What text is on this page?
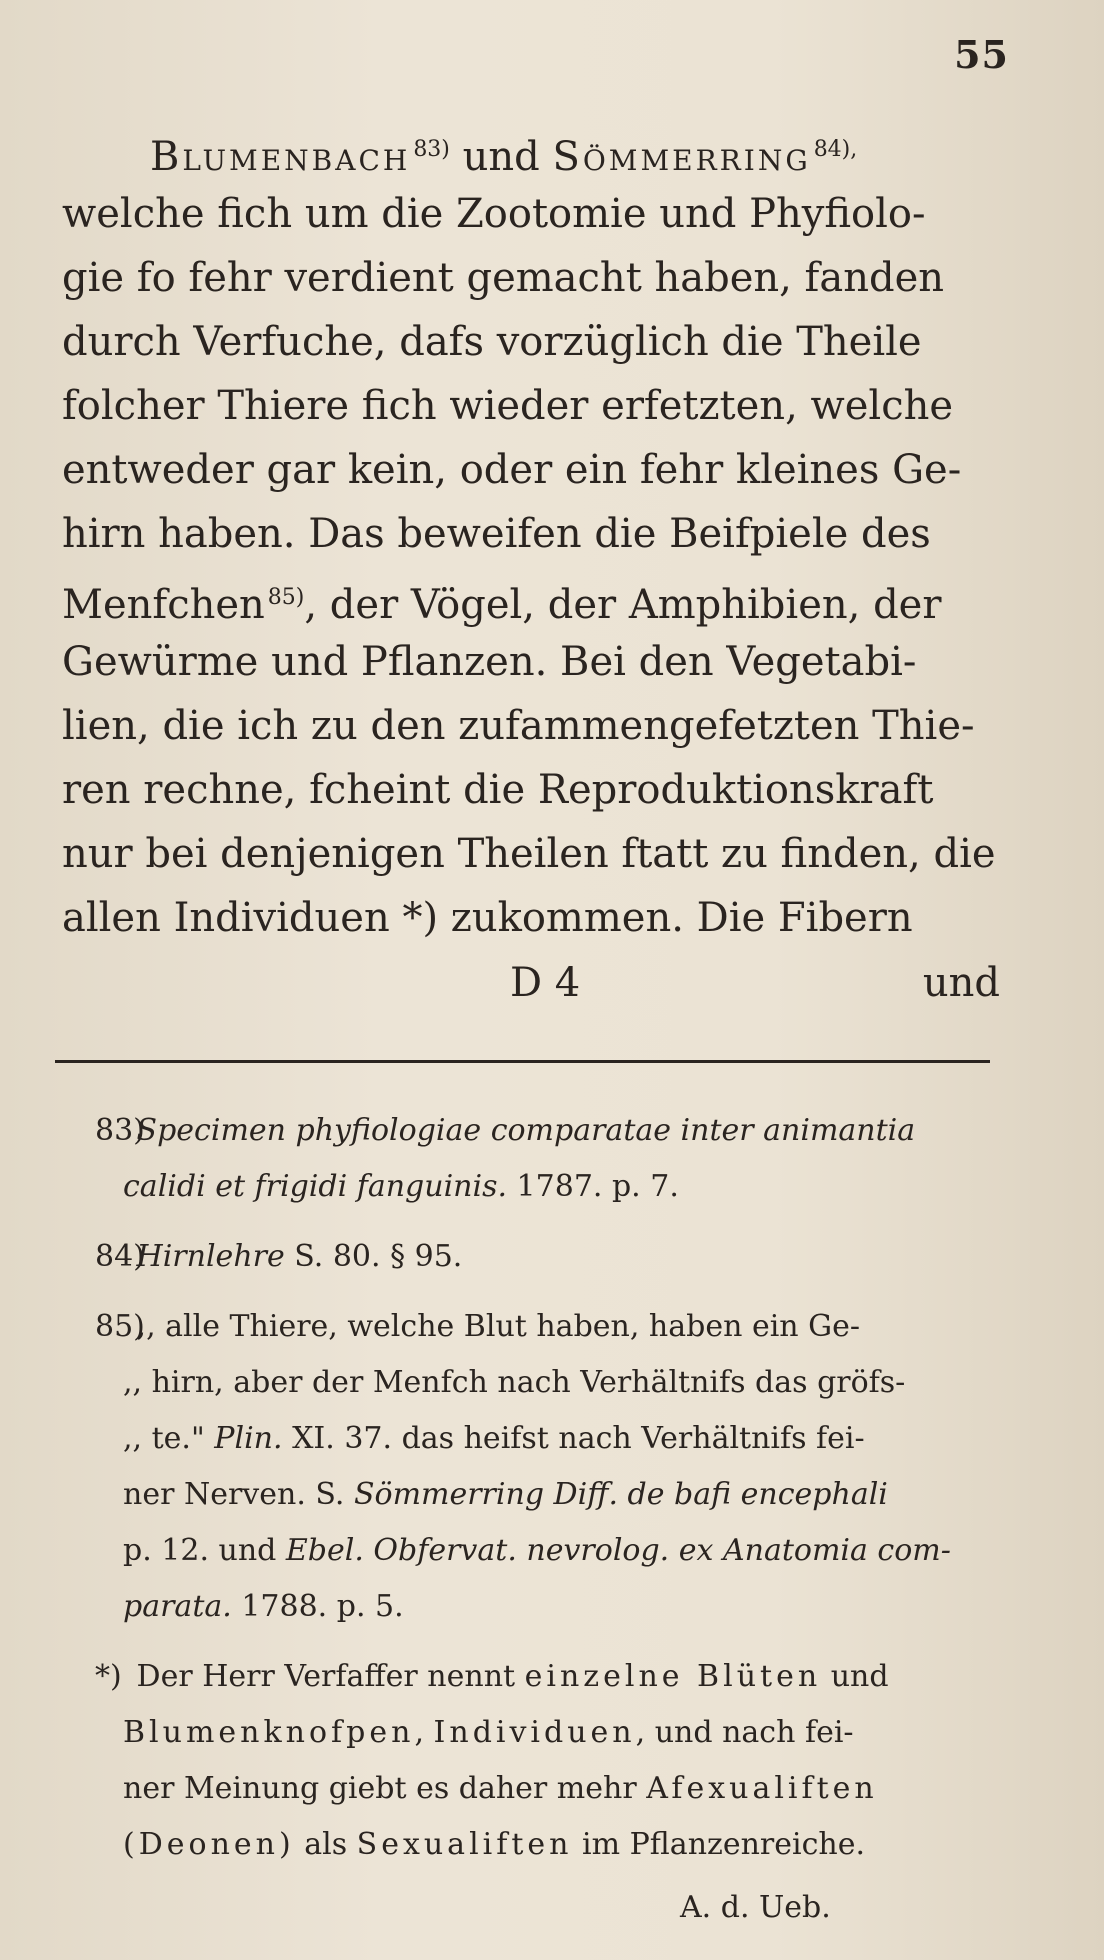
55
Blumenbach $^{83)}$ und Sömmerring $^{84),}$
welche fich um die Zootomie und Phyfiolo-
gie fo fehr verdient gemacht haben, fanden
durch Verfuche, dafs vorzüglich die Theile
folcher Thiere fich wieder erfetzten, welche
entweder gar kein, oder ein fehr kleines Ge-
hirn haben. Das beweifen die Beifpiele des
Menfchen $^{85)}$, der Vögel, der Amphibien, der
Gewürme und Pflanzen. Bei den Vegetabi-
lien, die ich zu den zufammengefetzten Thie-
ren rechne, fcheint die Reproduktionskraft
nur bei denjenigen Theilen ftatt zu finden, die
allen Individuen *) zukommen. Die Fibern
D 4	und
83) Specimen phyfiologiae comparatae inter animantia
calidi et frigidi fanguinis. 1787. p. 7.
84) Hirnlehre S. 80. § 95.
85) ,, alle Thiere, welche Blut haben, haben ein Ge-
,, hirn, aber der Menfch nach Verhältnifs das gröfs-
,, te." Plin. XI. 37. das heifst nach Verhältnifs fei-
ner Nerven. S. Sömmerring Diff. de bafi encephali
p. 12. und Ebel. Obfervat. nevrolog. ex Anatomia com-
parata. 1788. p. 5.
*) Der Herr Verfaffer nennt einzelne Blüten und
Blumenknofpen, Individuen, und nach fei-
ner Meinung giebt es daher mehr Afexualiften
(Deonen) als Sexualiften im Pflanzenreiche.
A. d. Ueb.
